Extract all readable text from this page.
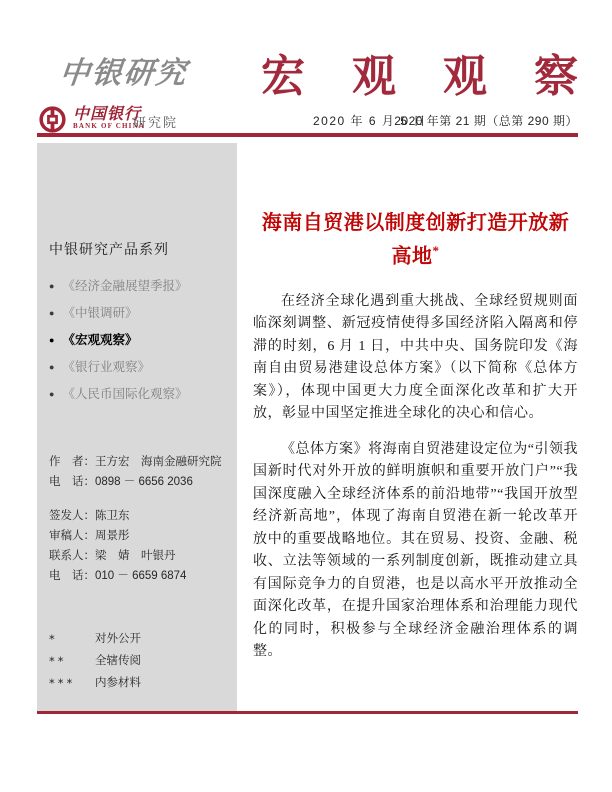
中银研究 宏 观 观 察
中国银行
BANK OF CHINA
研究院	2020 年 6 月 5 日
2020 年第 21 期（总第 290 期）
中银研究产品系列
● 《经济金融展望季报》
● 《中银调研》
● 《宏观观察》
● 《银行业观察》
● 《人民币国际化观察》
作　者： 王方宏　海南金融研究院
电　话： 0898 － 6656 2036
签发人： 陈卫东
审稿人： 周景彤
联系人： 梁　婧　叶银丹
电　话： 010 － 6659 6874
*	对外公开
**	全辖传阅
***	内参材料
海南自贸港以制度创新打造开放新高地*

在经济全球化遇到重大挑战、全球经贸规则面临深刻调整、新冠疫情使得多国经济陷入隔离和停滞的时刻，6 月 1 日，中共中央、国务院印发《海南自由贸易港建设总体方案》（以下简称《总体方案》），体现中国更大力度全面深化改革和扩大开放，彰显中国坚定推进全球化的决心和信心。

《总体方案》将海南自贸港建设定位为“引领我国新时代对外开放的鲜明旗帜和重要开放门户”“我国深度融入全球经济体系的前沿地带”“我国开放型经济新高地”，体现了海南自贸港在新一轮改革开放中的重要战略地位。其在贸易、投资、金融、税收、立法等领域的一系列制度创新，既推动建立具有国际竞争力的自贸港，也是以高水平开放推动全面深化改革，在提升国家治理体系和治理能力现代化的同时，积极参与全球经济金融治理体系的调整。
